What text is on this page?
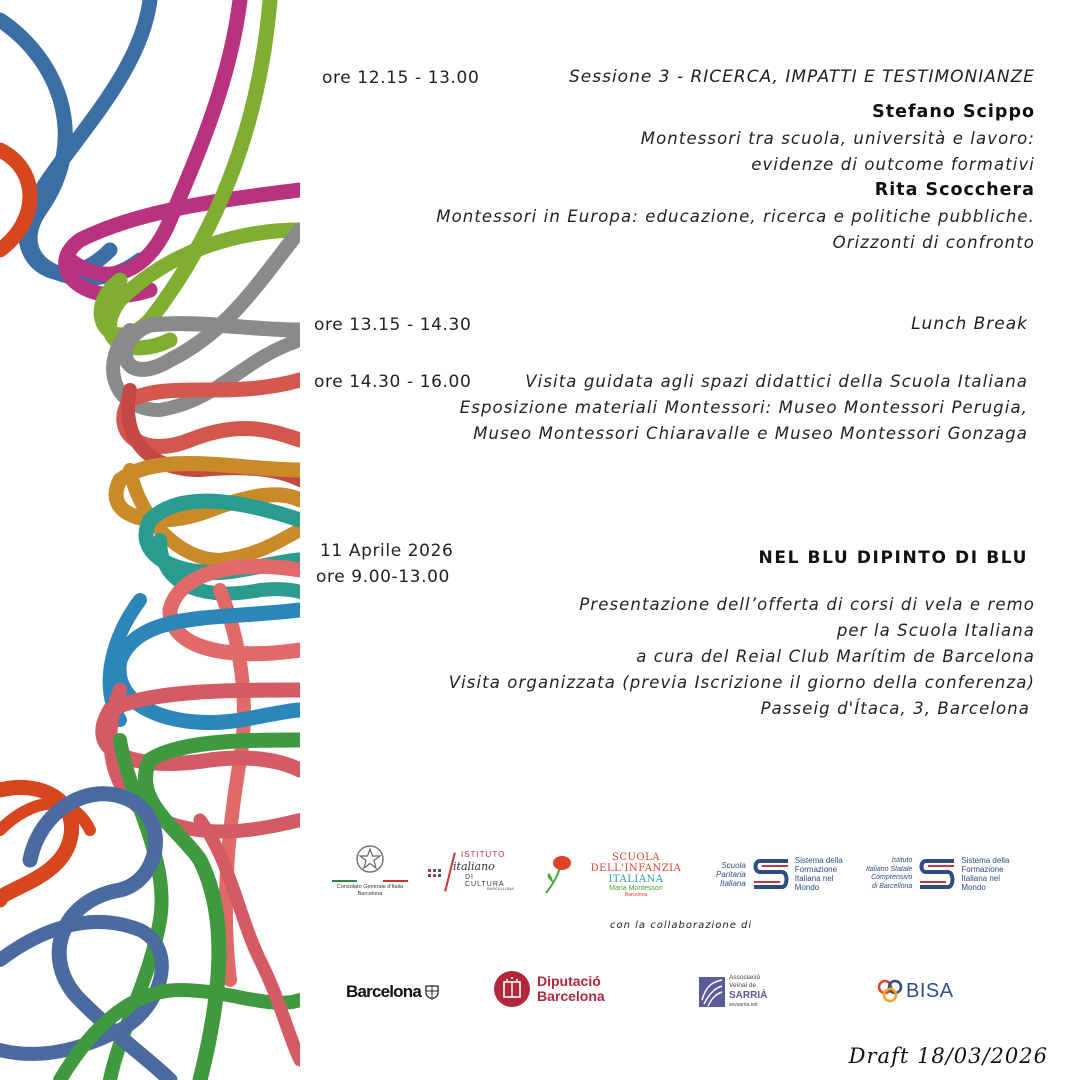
ore 12.15 - 13.00	Sessione 3 - RICERCA, IMPATTI E TESTIMONIANZE
Stefano Scippo
Montessori tra scuola, università e lavoro:
evidenze di outcome formativi
Rita Scocchera
Montessori in Europa: educazione, ricerca e politiche pubbliche.
Orizzonti di confronto
ore 13.15 - 14.30	Lunch Break
ore 14.30 - 16.00	Visita guidata agli spazi didattici della Scuola Italiana
Esposizione materiali Montessori: Museo Montessori Perugia,
Museo Montessori Chiaravalle e Museo Montessori Gonzaga
11 Aprile 2026
ore 9.00-13.00
NEL BLU DIPINTO DI BLU
Presentazione dell’offerta di corsi di vela e remo
per la Scuola Italiana
a cura del Reial Club Marítim de Barcelona
Visita organizzata (previa Iscrizione il giorno della conferenza)
Passeig d'Ítaca, 3, Barcelona
Consolato Generale d'Italia
Barcelona
ISTITUTO
italiano
DI CULTURA
BARCELLONA
SCUOLA DELL'INFANZIA
ITALIANA
Maria Montessori
Barcelona
Scuola
Paritaria
Italiana
Sistema della
Formazione
Italiana nel
Mondo
Istituto
Italiano Statale
Comprensivo
di Barcellona
Sistema della
Formazione
Italiana nel
Mondo
con la collaborazione di
Barcelona
Diputació
Barcelona
Associació
Veïnal de
SARRIÀ
avvsarria.net
BISA
Draft 18/03/2026
